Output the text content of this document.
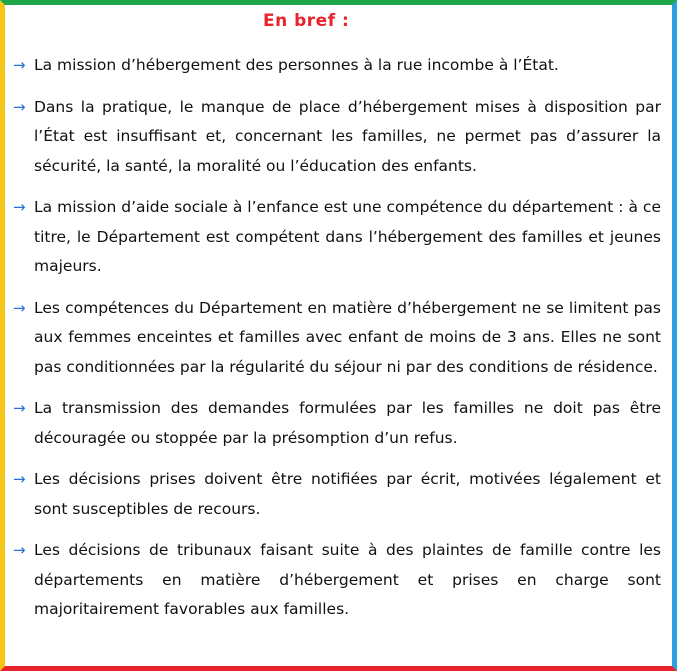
En bref :
→ La mission d’hébergement des personnes à la rue incombe à l’État.
→ Dans la pratique, le manque de place d’hébergement mises à disposition par l’État est insuffisant et, concernant les familles, ne permet pas d’assurer la sécurité, la santé, la moralité ou l’éducation des enfants.
→ La mission d’aide sociale à l’enfance est une compétence du département : à ce titre, le Département est compétent dans l’hébergement des familles et jeunes majeurs.
→ Les compétences du Département en matière d’hébergement ne se limitent pas aux femmes enceintes et familles avec enfant de moins de 3 ans. Elles ne sont pas conditionnées par la régularité du séjour ni par des conditions de résidence.
→ La transmission des demandes formulées par les familles ne doit pas être découragée ou stoppée par la présomption d’un refus.
→ Les décisions prises doivent être notifiées par écrit, motivées légalement et sont susceptibles de recours.
→ Les décisions de tribunaux faisant suite à des plaintes de famille contre les départements en matière d’hébergement et prises en charge sont majoritairement favorables aux familles.
